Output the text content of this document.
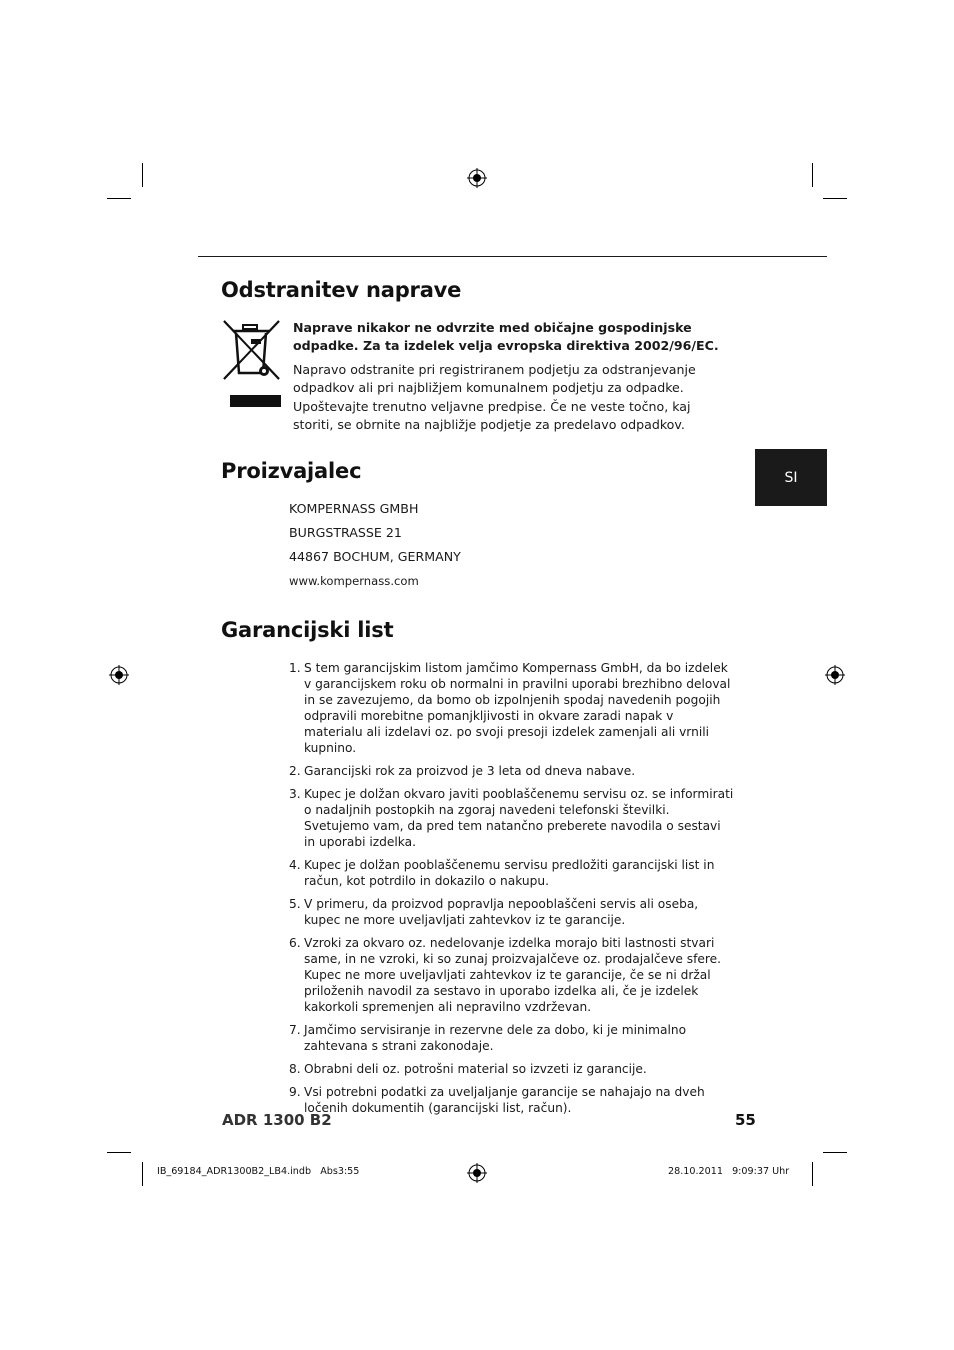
Odstranitev naprave

Naprave nikakor ne odvrzite med običajne gospodinjske odpadke. Za ta izdelek velja evropska direktiva 2002/96/EC.

Napravo odstranite pri registriranem podjetju za odstranjevanje odpadkov ali pri najbližjem komunalnem podjetju za odpadke. Upoštevajte trenutno veljavne predpise. Če ne veste točno, kaj storiti, se obrnite na najbližje podjetje za predelavo odpadkov.

SI
Proizvajalec

KOMPERNASS GMBH

BURGSTRASSE 21

44867 BOCHUM, GERMANY

www.kompernass.com

Garancijski list
1. S tem garancijskim listom jamčimo Kompernass GmbH, da bo izdelek v garancijskem roku ob normalni in pravilni uporabi brezhibno deloval in se zavezujemo, da bomo ob izpolnjenih spodaj navedenih pogojih odpravili morebitne pomanjkljivosti in okvare zaradi napak v materialu ali izdelavi oz. po svoji presoji izdelek zamenjali ali vrnili kupnino.
2. Garancijski rok za proizvod je 3 leta od dneva nabave.
3. Kupec je dolžan okvaro javiti pooblaščenemu servisu oz. se informirati o nadaljnih postopkih na zgoraj navedeni telefonski številki. Svetujemo vam, da pred tem natančno preberete navodila o sestavi in uporabi izdelka.
4. Kupec je dolžan pooblaščenemu servisu predložiti garancijski list in račun, kot potrdilo in dokazilo o nakupu.
5. V primeru, da proizvod popravlja nepooblaščeni servis ali oseba, kupec ne more uveljavljati zahtevkov iz te garancije.
6. Vzroki za okvaro oz. nedelovanje izdelka morajo biti lastnosti stvari same, in ne vzroki, ki so zunaj proizvajalčeve oz. prodajalčeve sfere. Kupec ne more uveljavljati zahtevkov iz te garancije, če se ni držal priloženih navodil za sestavo in uporabo izdelka ali, če je izdelek kakorkoli spremenjen ali nepravilno vzdrževan.
7. Jamčimo servisiranje in rezervne dele za dobo, ki je minimalno zahtevana s strani zakonodaje.
8. Obrabni deli oz. potrošni material so izvzeti iz garancije.
9. Vsi potrebni podatki za uveljaljanje garancije se nahajajo na dveh ločenih dokumentih (garancijski list, račun).
ADR 1300 B2	55
IB_69184_ADR1300B2_LB4.indb   Abs3:55	28.10.2011   9:09:37 Uhr
